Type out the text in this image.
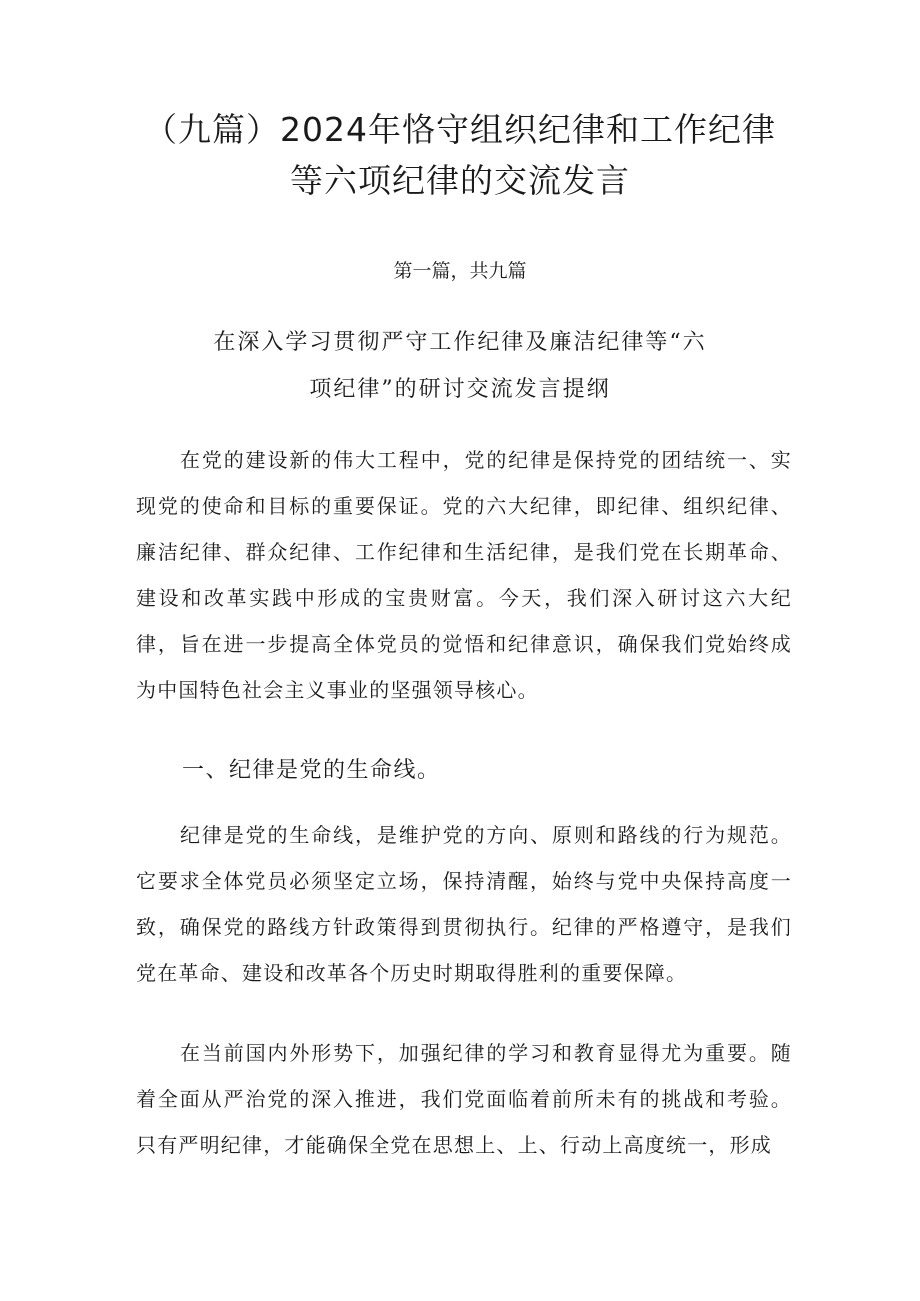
（九篇）2024年恪守组织纪律和工作纪律
等六项纪律的交流发言
第一篇，共九篇
在深入学习贯彻严守工作纪律及廉洁纪律等“六
项纪律”的研讨交流发言提纲

在党的建设新的伟大工程中，党的纪律是保持党的团结统一、实现党的使命和目标的重要保证。党的六大纪律，即纪律、组织纪律、廉洁纪律、群众纪律、工作纪律和生活纪律，是我们党在长期革命、建设和改革实践中形成的宝贵财富。今天，我们深入研讨这六大纪律，旨在进一步提高全体党员的觉悟和纪律意识，确保我们党始终成为中国特色社会主义事业的坚强领导核心。

一、纪律是党的生命线。

纪律是党的生命线，是维护党的方向、原则和路线的行为规范。它要求全体党员必须坚定立场，保持清醒，始终与党中央保持高度一致，确保党的路线方针政策得到贯彻执行。纪律的严格遵守，是我们党在革命、建设和改革各个历史时期取得胜利的重要保障。

在当前国内外形势下，加强纪律的学习和教育显得尤为重要。随着全面从严治党的深入推进，我们党面临着前所未有的挑战和考验。只有严明纪律，才能确保全党在思想上、上、行动上高度统一，形成
